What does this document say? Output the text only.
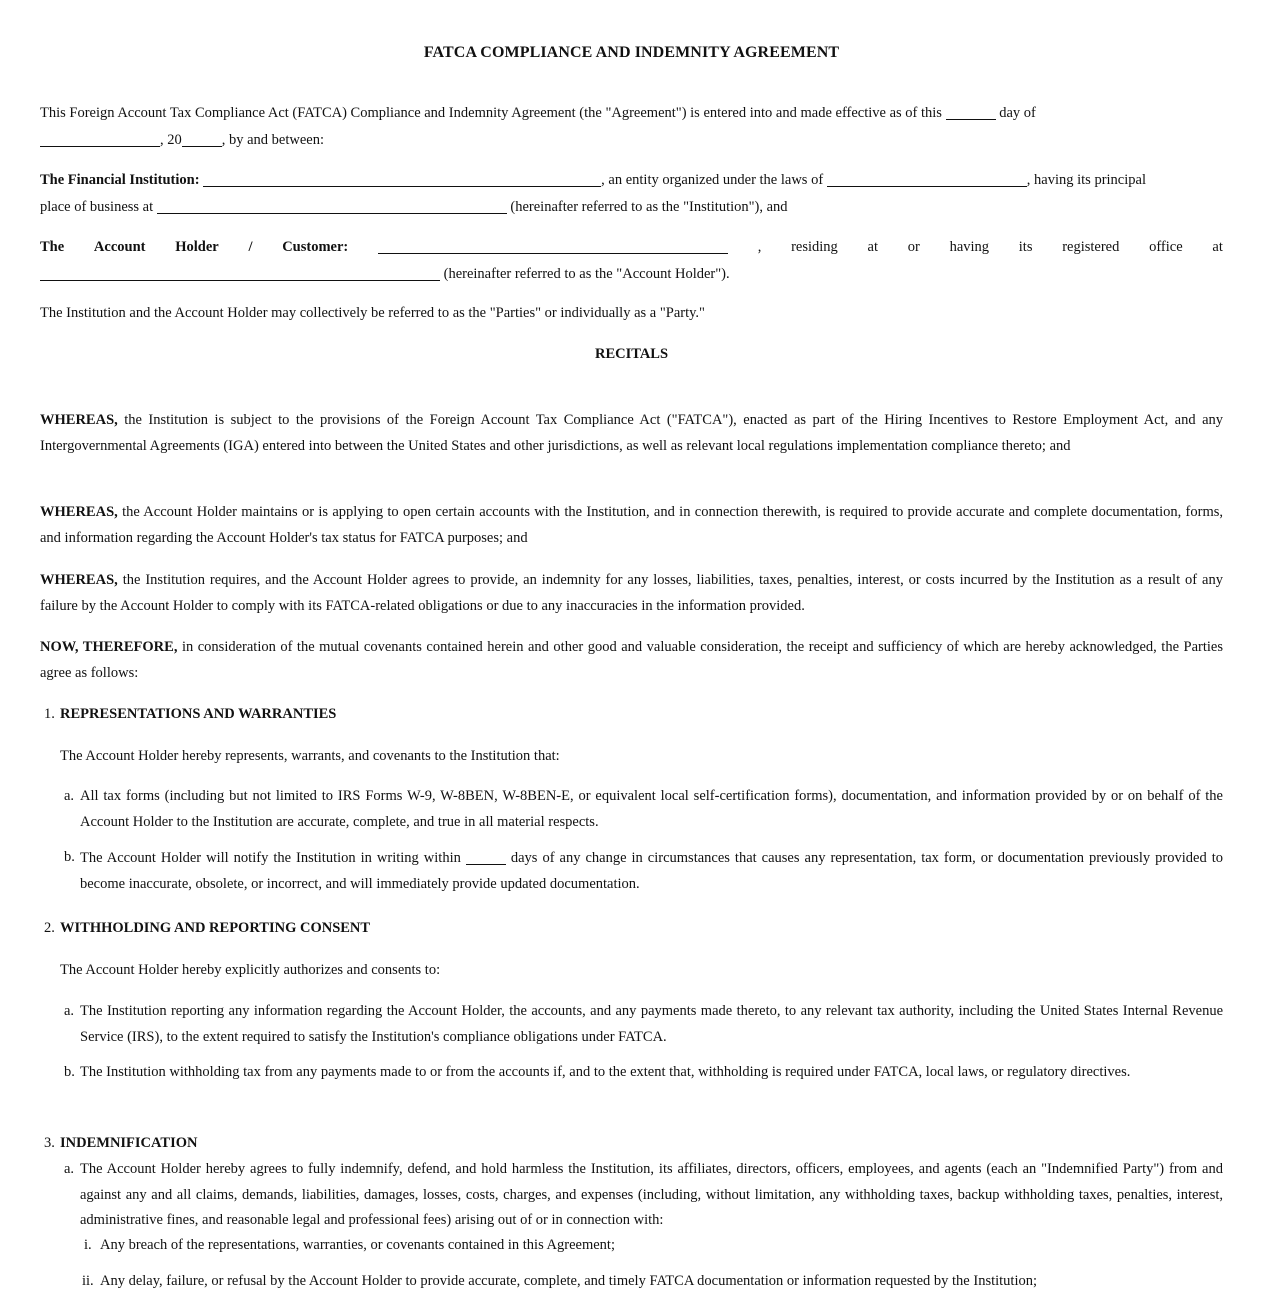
FATCA COMPLIANCE AND INDEMNITY AGREEMENT

This Foreign Account Tax Compliance Act (FATCA) Compliance and Indemnity Agreement (the "Agreement") is entered into and made effective as of this	day of
, 20	, by and between:

The Financial Institution:	, an entity organized under the laws of	, having its principal
place of business at	(hereinafter referred to as the "Institution"), and

The Account Holder / Customer:	, residing at or having its registered office at
(hereinafter referred to as the "Account Holder").

The Institution and the Account Holder may collectively be referred to as the "Parties" or individually as a "Party."

RECITALS

WHEREAS, the Institution is subject to the provisions of the Foreign Account Tax Compliance Act ("FATCA"), enacted as part of the Hiring Incentives to Restore Employment Act, and any Intergovernmental Agreements (IGA) entered into between the United States and other jurisdictions, as well as relevant local regulations implementation compliance thereto; and

WHEREAS, the Account Holder maintains or is applying to open certain accounts with the Institution, and in connection therewith, is required to provide accurate and complete documentation, forms, and information regarding the Account Holder's tax status for FATCA purposes; and

WHEREAS, the Institution requires, and the Account Holder agrees to provide, an indemnity for any losses, liabilities, taxes, penalties, interest, or costs incurred by the Institution as a result of any failure by the Account Holder to comply with its FATCA-related obligations or due to any inaccuracies in the information provided.

NOW, THEREFORE, in consideration of the mutual covenants contained herein and other good and valuable consideration, the receipt and sufficiency of which are hereby acknowledged, the Parties agree as follows:

1. REPRESENTATIONS AND WARRANTIES

The Account Holder hereby represents, warrants, and covenants to the Institution that:

a. All tax forms (including but not limited to IRS Forms W-9, W-8BEN, W-8BEN-E, or equivalent local self-certification forms), documentation, and information provided by or on behalf of the Account Holder to the Institution are accurate, complete, and true in all material respects.

b. The Account Holder will notify the Institution in writing within	days of any change in circumstances that causes any representation, tax form, or documentation previously provided to become inaccurate, obsolete, or incorrect, and will immediately provide updated documentation.

2. WITHHOLDING AND REPORTING CONSENT

The Account Holder hereby explicitly authorizes and consents to:

a. The Institution reporting any information regarding the Account Holder, the accounts, and any payments made thereto, to any relevant tax authority, including the United States Internal Revenue Service (IRS), to the extent required to satisfy the Institution's compliance obligations under FATCA.

b. The Institution withholding tax from any payments made to or from the accounts if, and to the extent that, withholding is required under FATCA, local laws, or regulatory directives.

3. INDEMNIFICATION

a. The Account Holder hereby agrees to fully indemnify, defend, and hold harmless the Institution, its affiliates, directors, officers, employees, and agents (each an "Indemnified Party") from and against any and all claims, demands, liabilities, damages, losses, costs, charges, and expenses (including, without limitation, any withholding taxes, backup withholding taxes, penalties, interest, administrative fines, and reasonable legal and professional fees) arising out of or in connection with:

i. Any breach of the representations, warranties, or covenants contained in this Agreement;

ii. Any delay, failure, or refusal by the Account Holder to provide accurate, complete, and timely FATCA documentation or information requested by the Institution;
